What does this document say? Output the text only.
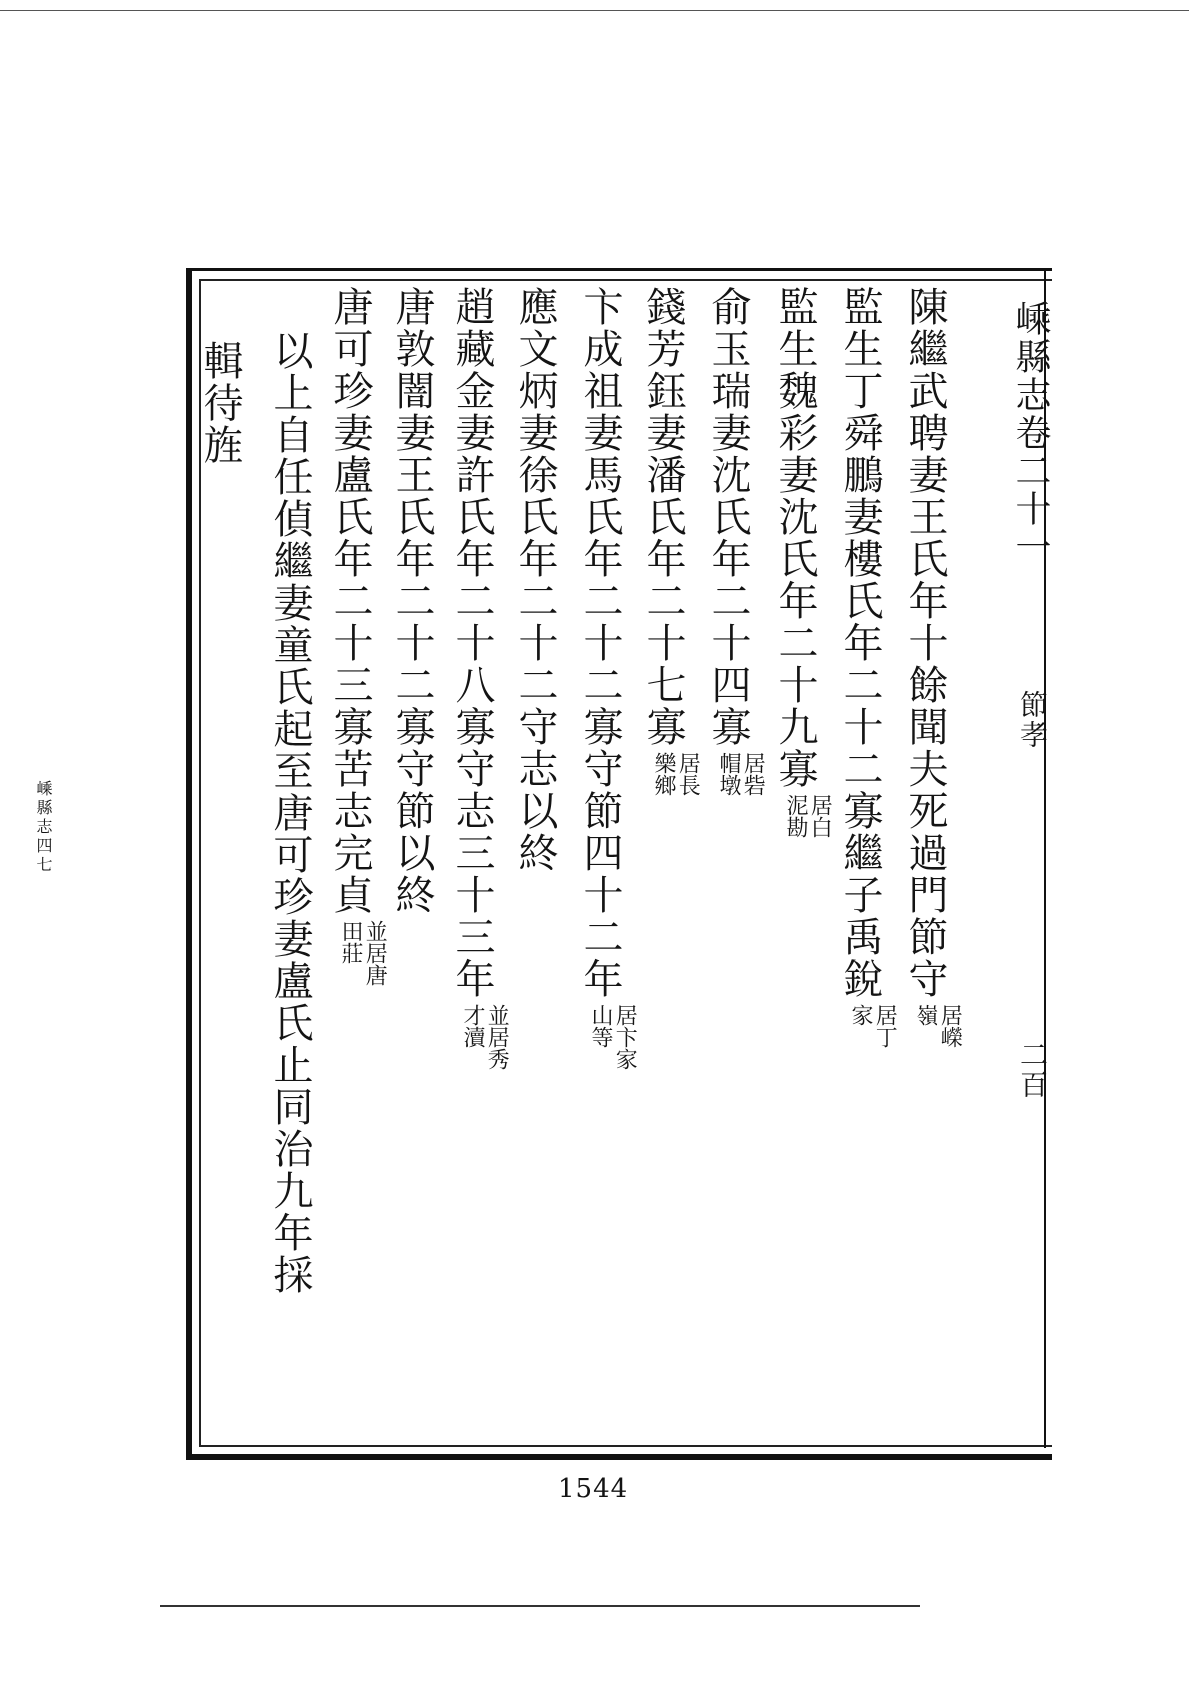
嵊縣志卷二十一
節孝
二百
陳繼武聘妻王氏年十餘聞夫死過門節守
居嶸
嶺
監生丁舜鵬妻樓氏年二十二寡繼子禹銳
居丁
家
監生魏彩妻沈氏年二十九寡
居白
泥勘
俞玉瑞妻沈氏年二十四寡
居砦
帽墩
錢芳鈺妻潘氏年二十七寡
居長
樂鄉
卞成祖妻馬氏年二十二寡守節四十二年
居卞家
山等
應文炳妻徐氏年二十二守志以終
趙藏金妻許氏年二十八寡守志三十三年
並居秀
才瀆
唐敦闇妻王氏年二十二寡守節以終
唐可珍妻盧氏年二十三寡苦志完貞
並居唐
田莊
以上自任偵繼妻童氏起至唐可珍妻盧氏止同治九年採
輯待旌
1544
嵊縣志四七
